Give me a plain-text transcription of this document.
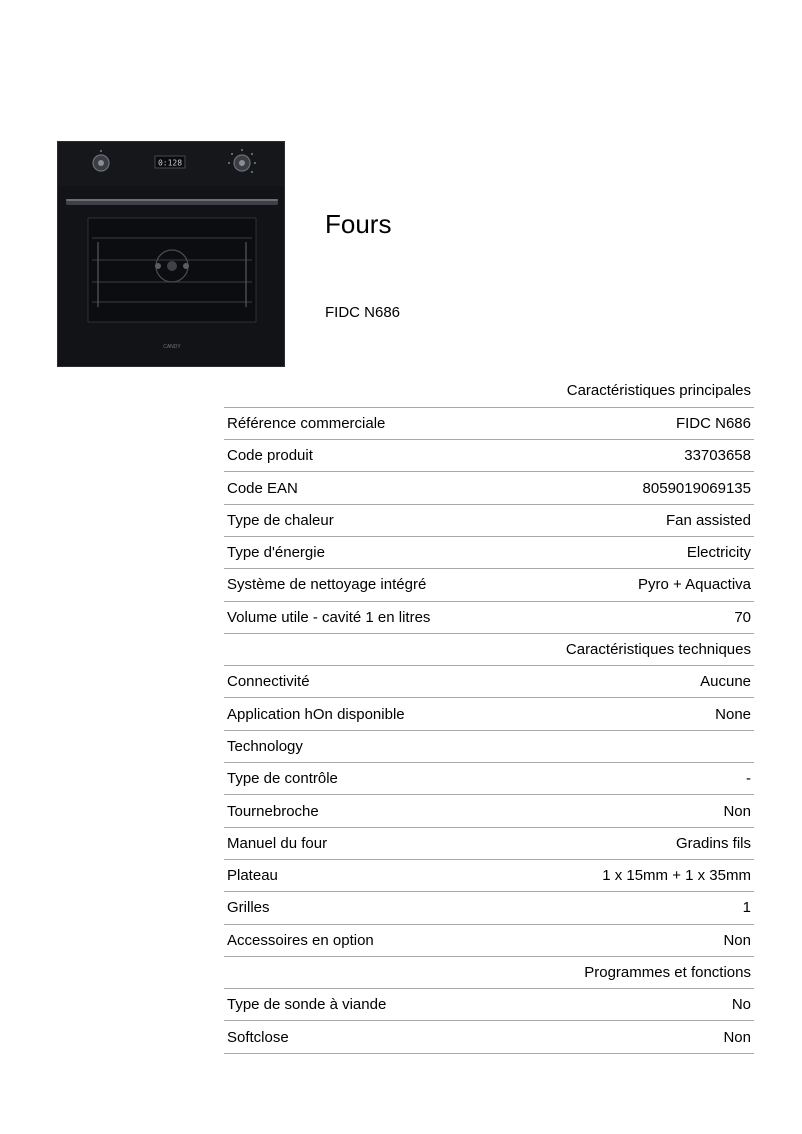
0:128
CANDY
Fours
FIDC N686
	Caractéristiques principales
Référence commerciale	FIDC N686
Code produit	33703658
Code EAN	8059019069135
Type de chaleur	Fan assisted
Type d'énergie	Electricity
Système de nettoyage intégré	Pyro + Aquactiva
Volume utile - cavité 1 en litres	70
	Caractéristiques techniques
Connectivité	Aucune
Application hOn disponible	None
Technology	
Type de contrôle	-
Tournebroche	Non
Manuel du four	Gradins fils
Plateau	1 x 15mm + 1 x 35mm
Grilles	1
Accessoires en option	Non
	Programmes et fonctions
Type de sonde à viande	No
Softclose	Non
